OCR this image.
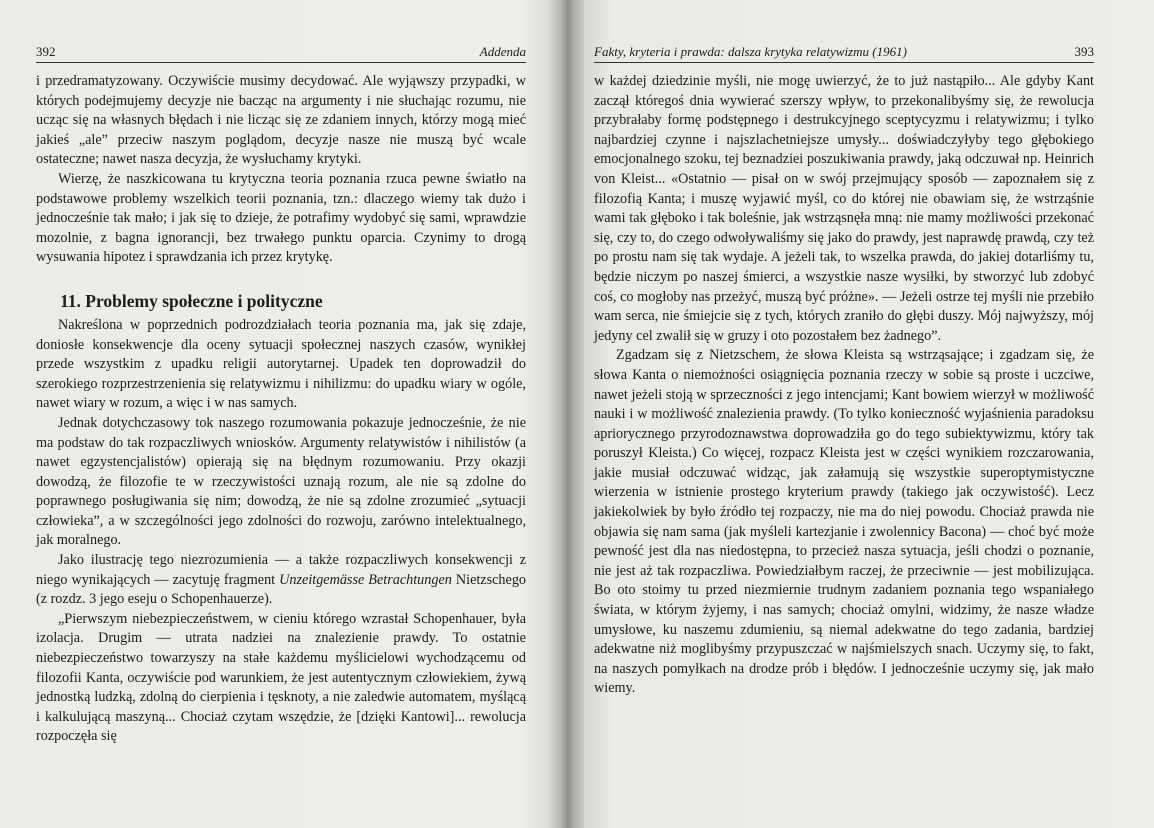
392	Addenda

i przedramatyzowany. Oczywiście musimy decydować. Ale wyjąwszy przypadki, w których podejmujemy decyzje nie bacząc na argumenty i nie słuchając rozumu, nie ucząc się na własnych błędach i nie licząc się ze zdaniem innych, którzy mogą mieć jakieś „ale” przeciw naszym poglądom, decyzje nasze nie muszą być wcale ostateczne; nawet nasza decyzja, że wysłuchamy krytyki.

Wierzę, że naszkicowana tu krytyczna teoria poznania rzuca pewne światło na podstawowe problemy wszelkich teorii poznania, tzn.: dlaczego wiemy tak dużo i jednocześnie tak mało; i jak się to dzieje, że potrafimy wydobyć się sami, wprawdzie mozolnie, z bagna ignorancji, bez trwałego punktu oparcia. Czynimy to drogą wysuwania hipotez i sprawdzania ich przez krytykę.

11. Problemy społeczne i polityczne

Nakreślona w poprzednich podrozdziałach teoria poznania ma, jak się zdaje, doniosłe konsekwencje dla oceny sytuacji społecznej naszych czasów, wynikłej przede wszystkim z upadku religii autorytarnej. Upadek ten doprowadził do szerokiego rozprzestrzenienia się relatywizmu i nihilizmu: do upadku wiary w ogóle, nawet wiary w rozum, a więc i w nas samych.

Jednak dotychczasowy tok naszego rozumowania pokazuje jednocześnie, że nie ma podstaw do tak rozpaczliwych wniosków. Argumenty relatywistów i nihilistów (a nawet egzystencjalistów) opierają się na błędnym rozumowaniu. Przy okazji dowodzą, że filozofie te w rzeczywistości uznają rozum, ale nie są zdolne do poprawnego posługiwania się nim; dowodzą, że nie są zdolne zrozumieć „sytuacji człowieka”, a w szczególności jego zdolności do rozwoju, zarówno intelektualnego, jak moralnego.

Jako ilustrację tego niezrozumienia — a także rozpaczliwych konsekwencji z niego wynikających — zacytuję fragment Unzeitgemässe Betrachtungen Nietzschego (z rozdz. 3 jego eseju o Schopenhauerze).

„Pierwszym niebezpieczeństwem, w cieniu którego wzrastał Schopenhauer, była izolacja. Drugim — utrata nadziei na znalezienie prawdy. To ostatnie niebezpieczeństwo towarzyszy na stałe każdemu myślicielowi wychodzącemu od filozofii Kanta, oczywiście pod warunkiem, że jest autentycznym człowiekiem, żywą jednostką ludzką, zdolną do cierpienia i tęsknoty, a nie zaledwie automatem, myślącą i kalkulującą maszyną... Chociaż czytam wszędzie, że [dzięki Kantowi]... rewolucja rozpoczęła się

Fakty, kryteria i prawda: dalsza krytyka relatywizmu (1961)	393

w każdej dziedzinie myśli, nie mogę uwierzyć, że to już nastąpiło... Ale gdyby Kant zaczął któregoś dnia wywierać szerszy wpływ, to przekonalibyśmy się, że rewolucja przybrałaby formę podstępnego i destrukcyjnego sceptycyzmu i relatywizmu; i tylko najbardziej czynne i najszlachetniejsze umysły... doświadczyłyby tego głębokiego emocjonalnego szoku, tej beznadziei poszukiwania prawdy, jaką odczuwał np. Heinrich von Kleist... «Ostatnio — pisał on w swój przejmujący sposób — zapoznałem się z filozofią Kanta; i muszę wyjawić myśl, co do której nie obawiam się, że wstrząśnie wami tak głęboko i tak boleśnie, jak wstrząsnęła mną: nie mamy możliwości przekonać się, czy to, do czego odwoływaliśmy się jako do prawdy, jest naprawdę prawdą, czy też po prostu nam się tak wydaje. A jeżeli tak, to wszelka prawda, do jakiej dotarliśmy tu, będzie niczym po naszej śmierci, a wszystkie nasze wysiłki, by stworzyć lub zdobyć coś, co mogłoby nas przeżyć, muszą być próżne». — Jeżeli ostrze tej myśli nie przebiło wam serca, nie śmiejcie się z tych, których zraniło do głębi duszy. Mój najwyższy, mój jedyny cel zwalił się w gruzy i oto pozostałem bez żadnego”.

Zgadzam się z Nietzschem, że słowa Kleista są wstrząsające; i zgadzam się, że słowa Kanta o niemożności osiągnięcia poznania rzeczy w sobie są proste i uczciwe, nawet jeżeli stoją w sprzeczności z jego intencjami; Kant bowiem wierzył w możliwość nauki i w możliwość znalezienia prawdy. (To tylko konieczność wyjaśnienia paradoksu apriorycznego przyrodoznawstwa doprowadziła go do tego subiektywizmu, który tak poruszył Kleista.) Co więcej, rozpacz Kleista jest w części wynikiem rozczarowania, jakie musiał odczuwać widząc, jak załamują się wszystkie superoptymistyczne wierzenia w istnienie prostego kryterium prawdy (takiego jak oczywistość). Lecz jakiekolwiek by było źródło tej rozpaczy, nie ma do niej powodu. Chociaż prawda nie objawia się nam sama (jak myśleli kartezjanie i zwolennicy Bacona) — choć być może pewność jest dla nas niedostępna, to przecież nasza sytuacja, jeśli chodzi o poznanie, nie jest aż tak rozpaczliwa. Powiedziałbym raczej, że przeciwnie — jest mobilizująca. Bo oto stoimy tu przed niezmiernie trudnym zadaniem poznania tego wspaniałego świata, w którym żyjemy, i nas samych; chociaż omylni, widzimy, że nasze władze umysłowe, ku naszemu zdumieniu, są niemal adekwatne do tego zadania, bardziej adekwatne niż moglibyśmy przypuszczać w najśmielszych snach. Uczymy się, to fakt, na naszych pomyłkach na drodze prób i błędów. I jednocześnie uczymy się, jak mało wiemy.
